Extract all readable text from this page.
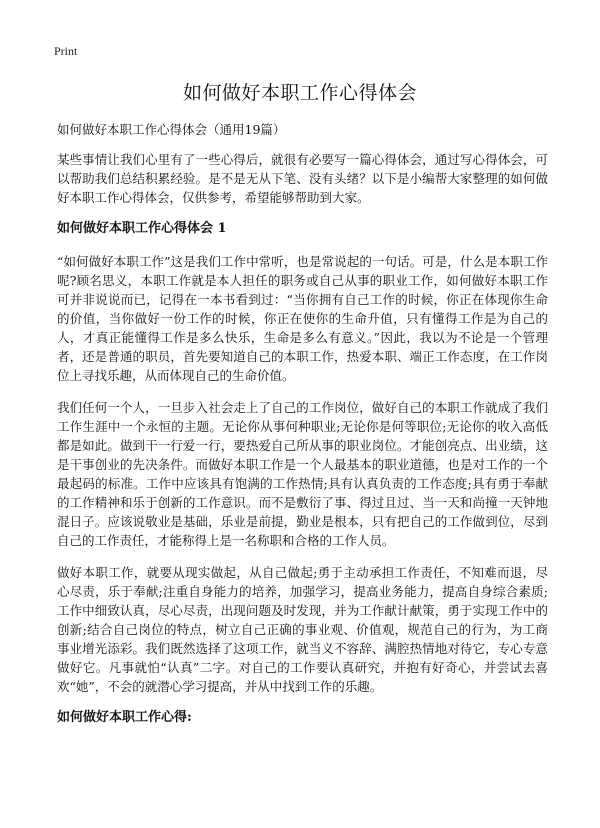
Print
如何做好本职工作心得体会

如何做好本职工作心得体会（通用19篇）

某些事情让我们心里有了一些心得后，就很有必要写一篇心得体会，通过写心得体会，可以帮助我们总结积累经验。是不是无从下笔、没有头绪？以下是小编帮大家整理的如何做好本职工作心得体会，仅供参考，希望能够帮助到大家。

如何做好本职工作心得体会 1

“如何做好本职工作”这是我们工作中常听，也是常说起的一句话。可是，什么是本职工作呢?顾名思义，本职工作就是本人担任的职务或自己从事的职业工作，如何做好本职工作可并非说说而已，记得在一本书看到过：“当你拥有自己工作的时候，你正在体现你生命的价值，当你做好一份工作的时候，你正在使你的生命升值，只有懂得工作是为自己的人，才真正能懂得工作是多么快乐，生命是多么有意义。”因此，我以为不论是一个管理者，还是普通的职员，首先要知道自己的本职工作，热爱本职、端正工作态度，在工作岗位上寻找乐趣，从而体现自己的生命价值。

我们任何一个人，一旦步入社会走上了自己的工作岗位，做好自己的本职工作就成了我们工作生涯中一个永恒的主题。无论你从事何种职业;无论你是何等职位;无论你的收入高低都是如此。做到干一行爱一行，要热爱自己所从事的职业岗位。才能创亮点、出业绩，这是干事创业的先决条件。而做好本职工作是一个人最基本的职业道德，也是对工作的一个最起码的标准。工作中应该具有饱满的工作热情;具有认真负责的工作态度;具有勇于奉献的工作精神和乐于创新的工作意识。而不是敷衍了事、得过且过、当一天和尚撞一天钟地混日子。应该说敬业是基础，乐业是前提，勤业是根本，只有把自己的工作做到位，尽到自己的工作责任，才能称得上是一名称职和合格的工作人员。

做好本职工作，就要从现实做起，从自己做起;勇于主动承担工作责任，不知难而退，尽心尽责，乐于奉献;注重自身能力的培养，加强学习，提高业务能力，提高自身综合素质;工作中细致认真，尽心尽责，出现问题及时发现，并为工作献计献策，勇于实现工作中的创新;结合自己岗位的特点，树立自己正确的事业观、价值观，规范自己的行为，为工商事业增光添彩。我们既然选择了这项工作，就当义不容辞、满腔热情地对待它，专心专意做好它。凡事就怕“认真”二字。对自己的工作要认真研究，并抱有好奇心，并尝试去喜欢“她”，不会的就潜心学习提高，并从中找到工作的乐趣。

如何做好本职工作心得:
